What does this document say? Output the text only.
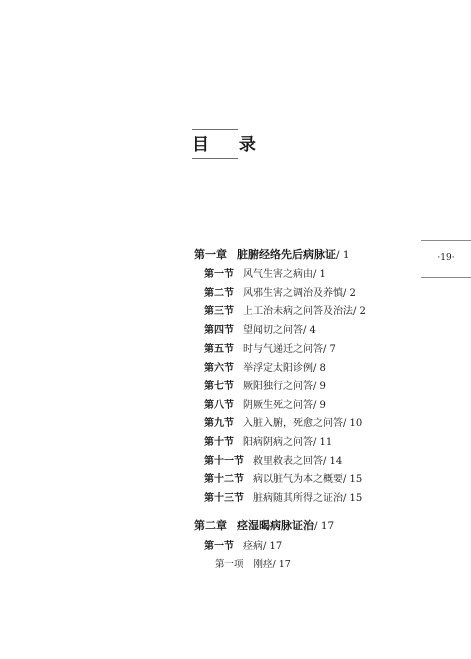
目 录
·19·
第一章 脏腑经络先后病脉证/ 1
第一节 风气生害之病由/ 1
第二节 风邪生害之调治及养慎/ 2
第三节 上工治未病之问答及治法/ 2
第四节 望闻切之问答/ 4
第五节 时与气递迁之问答/ 7
第六节 举浮定太阳诊例/ 8
第七节 厥阳独行之问答/ 9
第八节 阴厥生死之问答/ 9
第九节 入脏入腑，死愈之问答/ 10
第十节 阳病阴病之问答/ 11
第十一节 救里救表之回答/ 14
第十二节 病以脏气为本之概要/ 15
第十三节 脏病随其所得之证治/ 15
第二章 痉湿暍病脉证治/ 17
第一节 痉病/ 17
第一项 刚痉/ 17
